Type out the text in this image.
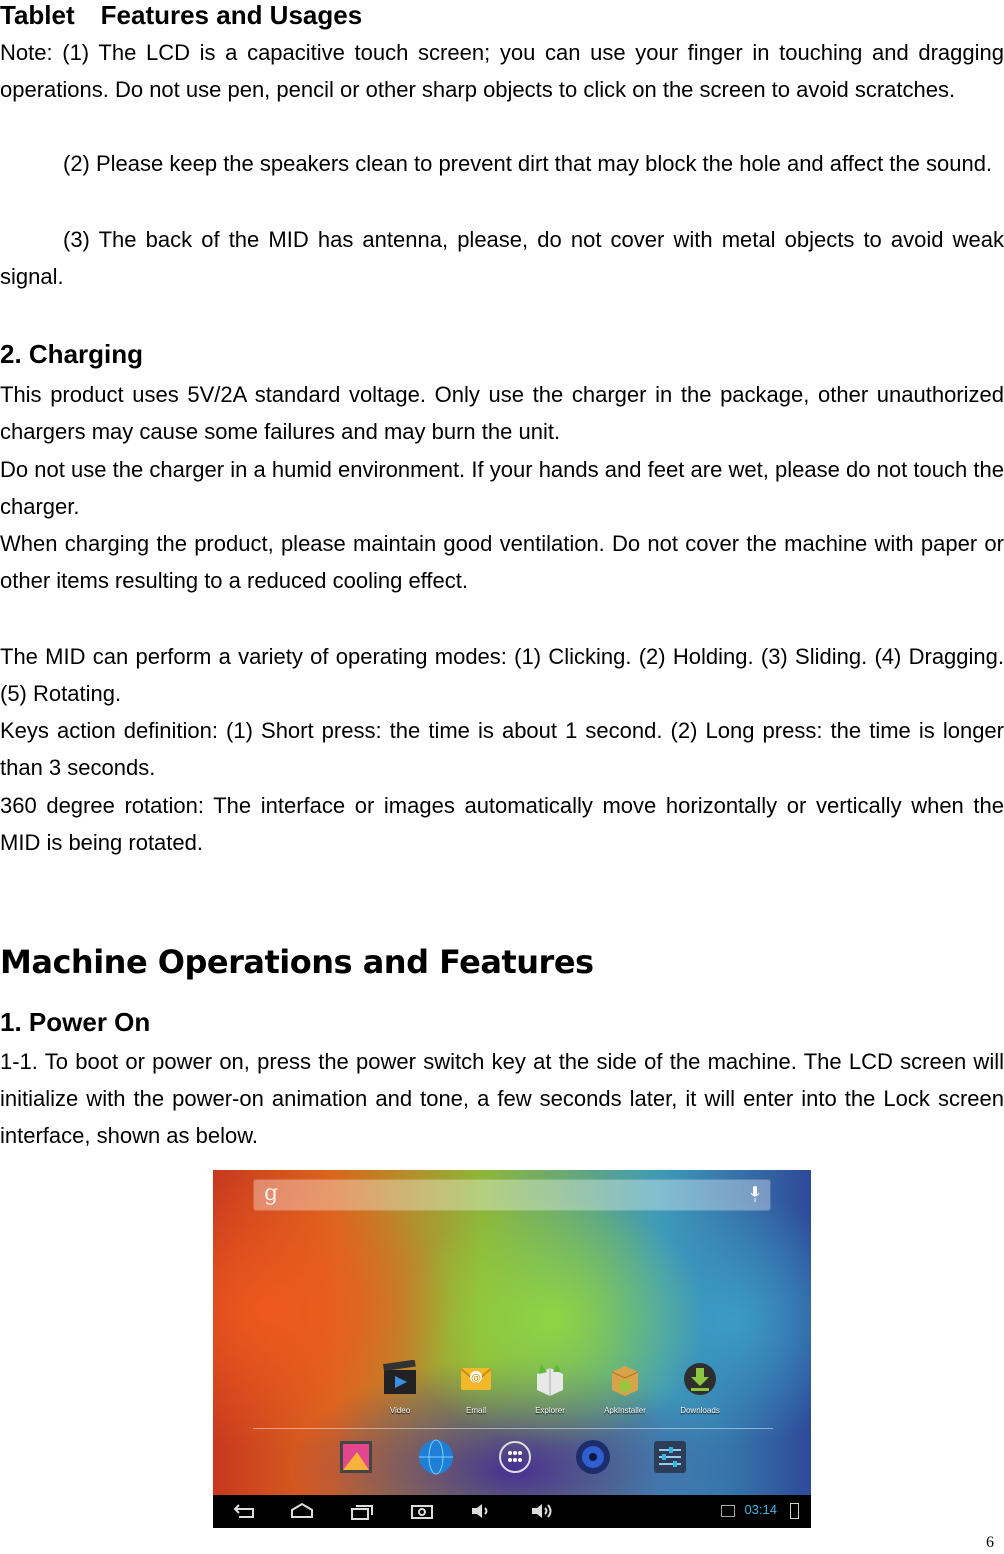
Tablet　Features and Usages

Note: (1) The LCD is a capacitive touch screen; you can use your finger in touching and dragging operations. Do not use pen, pencil or other sharp objects to click on the screen to avoid scratches.

(2) Please keep the speakers clean to prevent dirt that may block the hole and affect the sound.

(3) The back of the MID has antenna, please, do not cover with metal objects to avoid weak signal.

2. Charging

This product uses 5V/2A standard voltage. Only use the charger in the package, other unauthorized chargers may cause some failures and may burn the unit.

Do not use the charger in a humid environment. If your hands and feet are wet, please do not touch the charger.

When charging the product, please maintain good ventilation. Do not cover the machine with paper or other items resulting to a reduced cooling effect.

The MID can perform a variety of operating modes: (1) Clicking. (2) Holding. (3) Sliding. (4) Dragging. (5) Rotating.

Keys action definition: (1) Short press: the time is about 1 second. (2) Long press: the time is longer than 3 seconds.

360 degree rotation: The interface or images automatically move horizontally or vertically when the MID is being rotated.

Machine Operations and Features
1. Power On

1-1. To boot or power on, press the power switch key at the side of the machine. The LCD screen will initialize with the power-on animation and tone, a few seconds later, it will enter into the Lock screen interface, shown as below.

g
Video
@
Email	Explorer	ApkInstaller	Downloads
03:14
6
